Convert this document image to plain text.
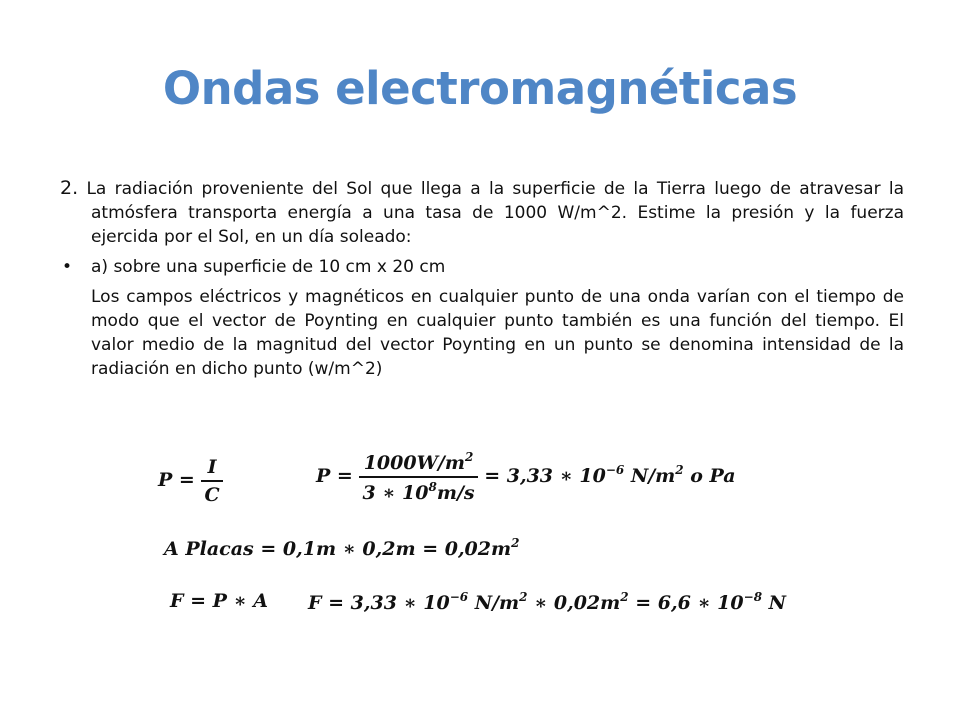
Ondas electromagnéticas

2. La radiación proveniente del Sol que llega a la superficie de la Tierra luego de atravesar la atmósfera transporta energía a una tasa de 1000 W/m^2. Estime la presión y la fuerza ejercida por el Sol, en un día soleado:

• a) sobre una superficie de 10 cm x 20 cm

Los campos eléctricos y magnéticos en cualquier punto de una onda varían con el tiempo de modo que el vector de Poynting en cualquier punto también es una función del tiempo. El valor medio de la magnitud del vector Poynting en un punto se denomina intensidad de la radiación en dicho punto (w/m^2)

$P = \frac{I}{C}$	$P = \frac{1000W/m^2}{3 ∗ 10^8m/s} = 3,33$ ∗ $10^{-6}$ $N/m^2$ o Pa
A Placas = 0,1m ∗ $0,2m = 0,02m^2$
F = P ∗ A F = 3,33 ∗ $10^{-6}$ $N/m^2$ ∗ $0,02m^2 = 6,6$ ∗ $10^{-8}$ N
